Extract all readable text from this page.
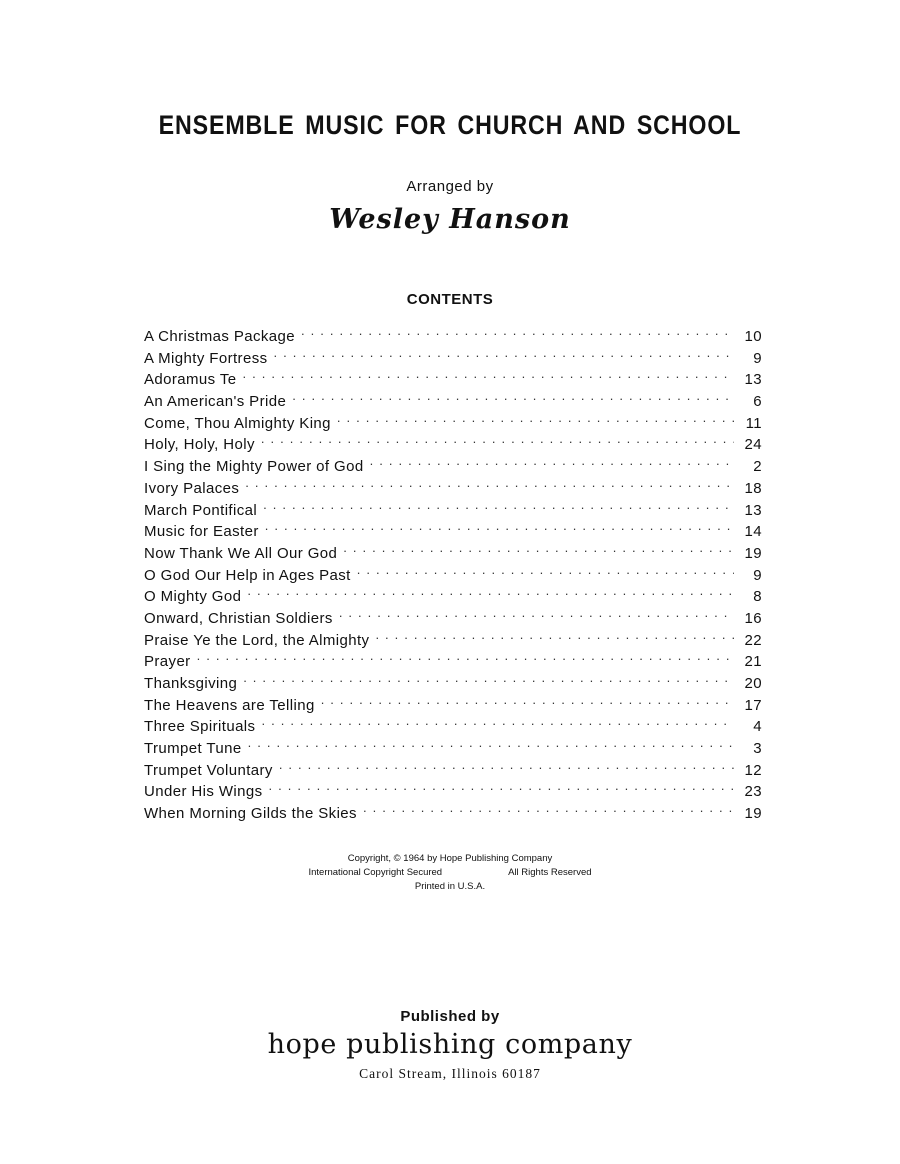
ENSEMBLE MUSIC FOR CHURCH AND SCHOOL
Arranged by
Wesley Hanson
CONTENTS
A Christmas Package . . .	10
A Mighty Fortress . . .	9
Adoramus Te . . .	13
An American's Pride . . .	6
Come, Thou Almighty King . . .	11
Holy, Holy, Holy . . .	24
I Sing the Mighty Power of God . . .	2
Ivory Palaces . . .	18
March Pontifical . . .	13
Music for Easter . . .	14
Now Thank We All Our God . . .	19
O God Our Help in Ages Past . . .	9
O Mighty God . . .	8
Onward, Christian Soldiers . . .	16
Praise Ye the Lord, the Almighty . . .	22
Prayer . . .	21
Thanksgiving . . .	20
The Heavens are Telling . . .	17
Three Spirituals . . .	4
Trumpet Tune . . .	3
Trumpet Voluntary . . .	12
Under His Wings . . .	23
When Morning Gilds the Skies . . .	19
Copyright, © 1964 by Hope Publishing Company
International Copyright Secured	All Rights Reserved
Printed in U.S.A.
Published by
hope publishing company
Carol Stream, Illinois 60187
